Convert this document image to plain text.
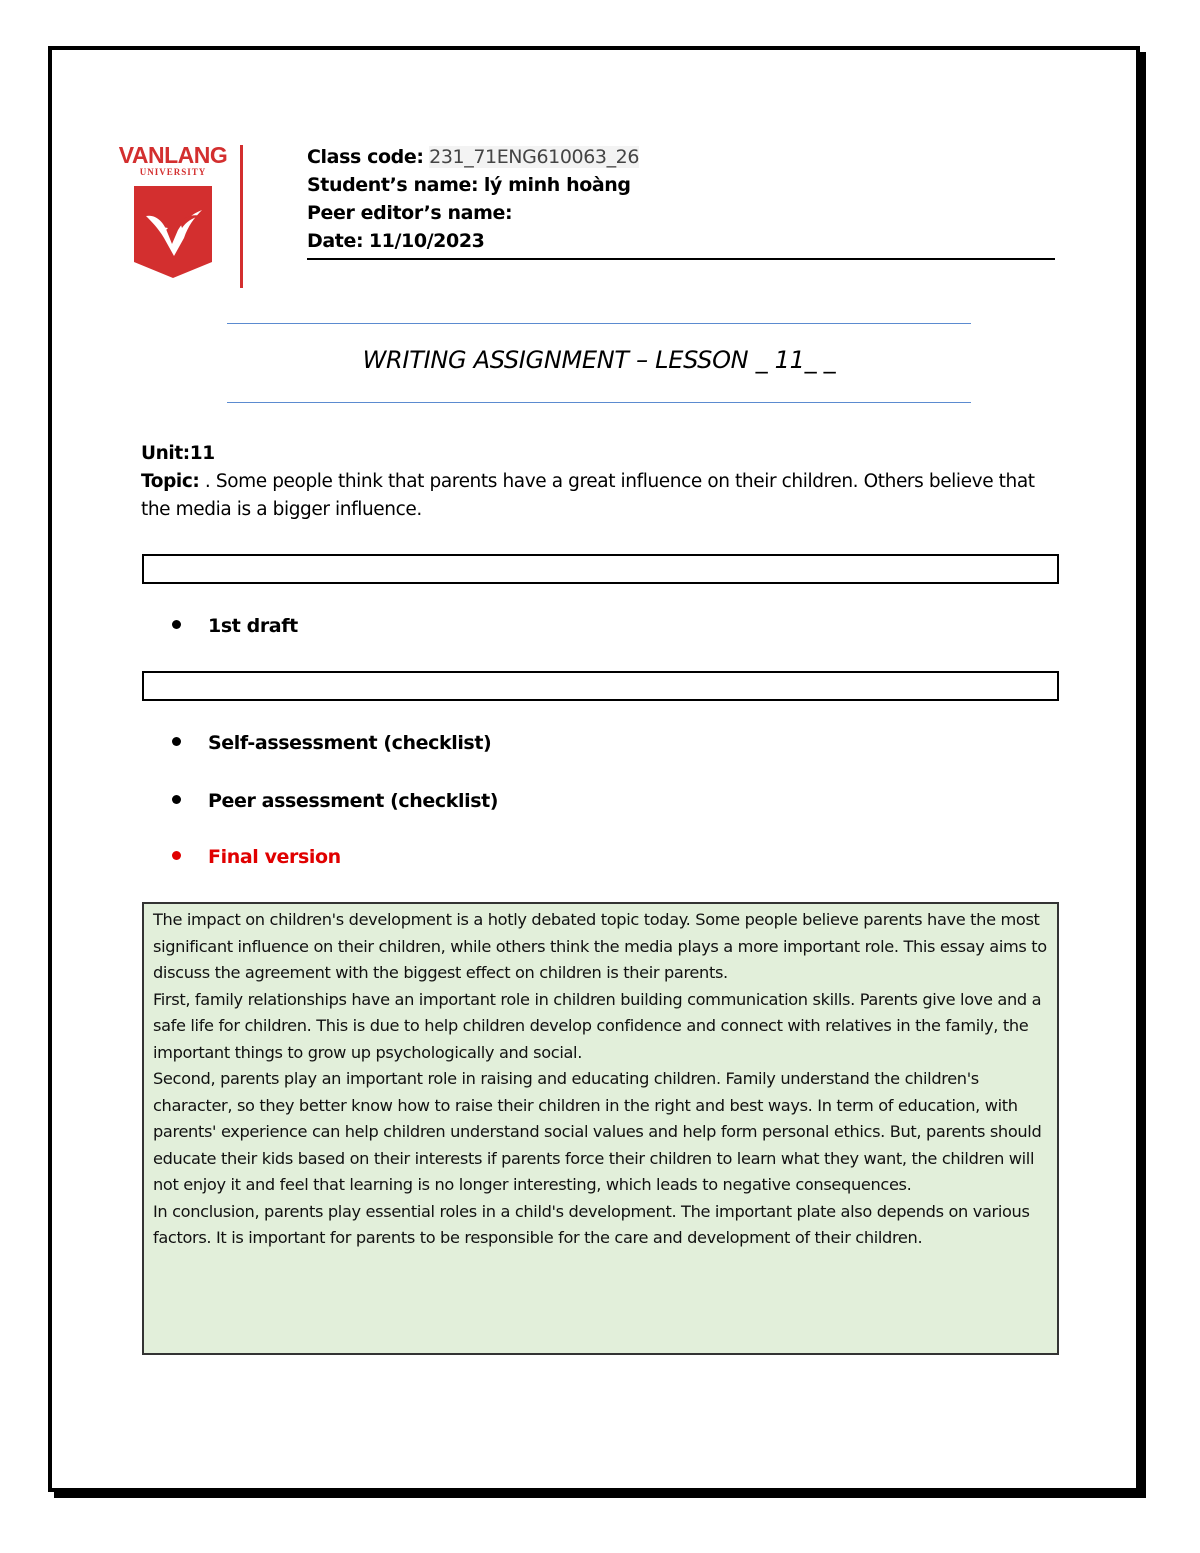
VANLANG
UNIVERSITY
Class code: 231_71ENG610063_26
Student’s name: lý minh hoàng
Peer editor’s name:
Date: 11/10/2023
WRITING ASSIGNMENT – LESSON _ 11_ _
Unit:11
Topic: . Some people think that parents have a great influence on their children. Others believe that the media is a bigger influence.
1st draft
Self-assessment (checklist)
Peer assessment (checklist)
Final version

The impact on children's development is a hotly debated topic today. Some people believe parents have the most significant influence on their children, while others think the media plays a more important role. This essay aims to discuss the agreement with the biggest effect on children is their parents.

First, family relationships have an important role in children building communication skills. Parents give love and a safe life for children. This is due to help children develop confidence and connect with relatives in the family, the important things to grow up psychologically and social.

Second, parents play an important role in raising and educating children. Family understand the children's character, so they better know how to raise their children in the right and best ways. In term of education, with parents' experience can help children understand social values and help form personal ethics. But, parents should educate their kids based on their interests if parents force their children to learn what they want, the children will not enjoy it and feel that learning is no longer interesting, which leads to negative consequences.

In conclusion, parents play essential roles in a child's development. The important plate also depends on various factors. It is important for parents to be responsible for the care and development of their children.
